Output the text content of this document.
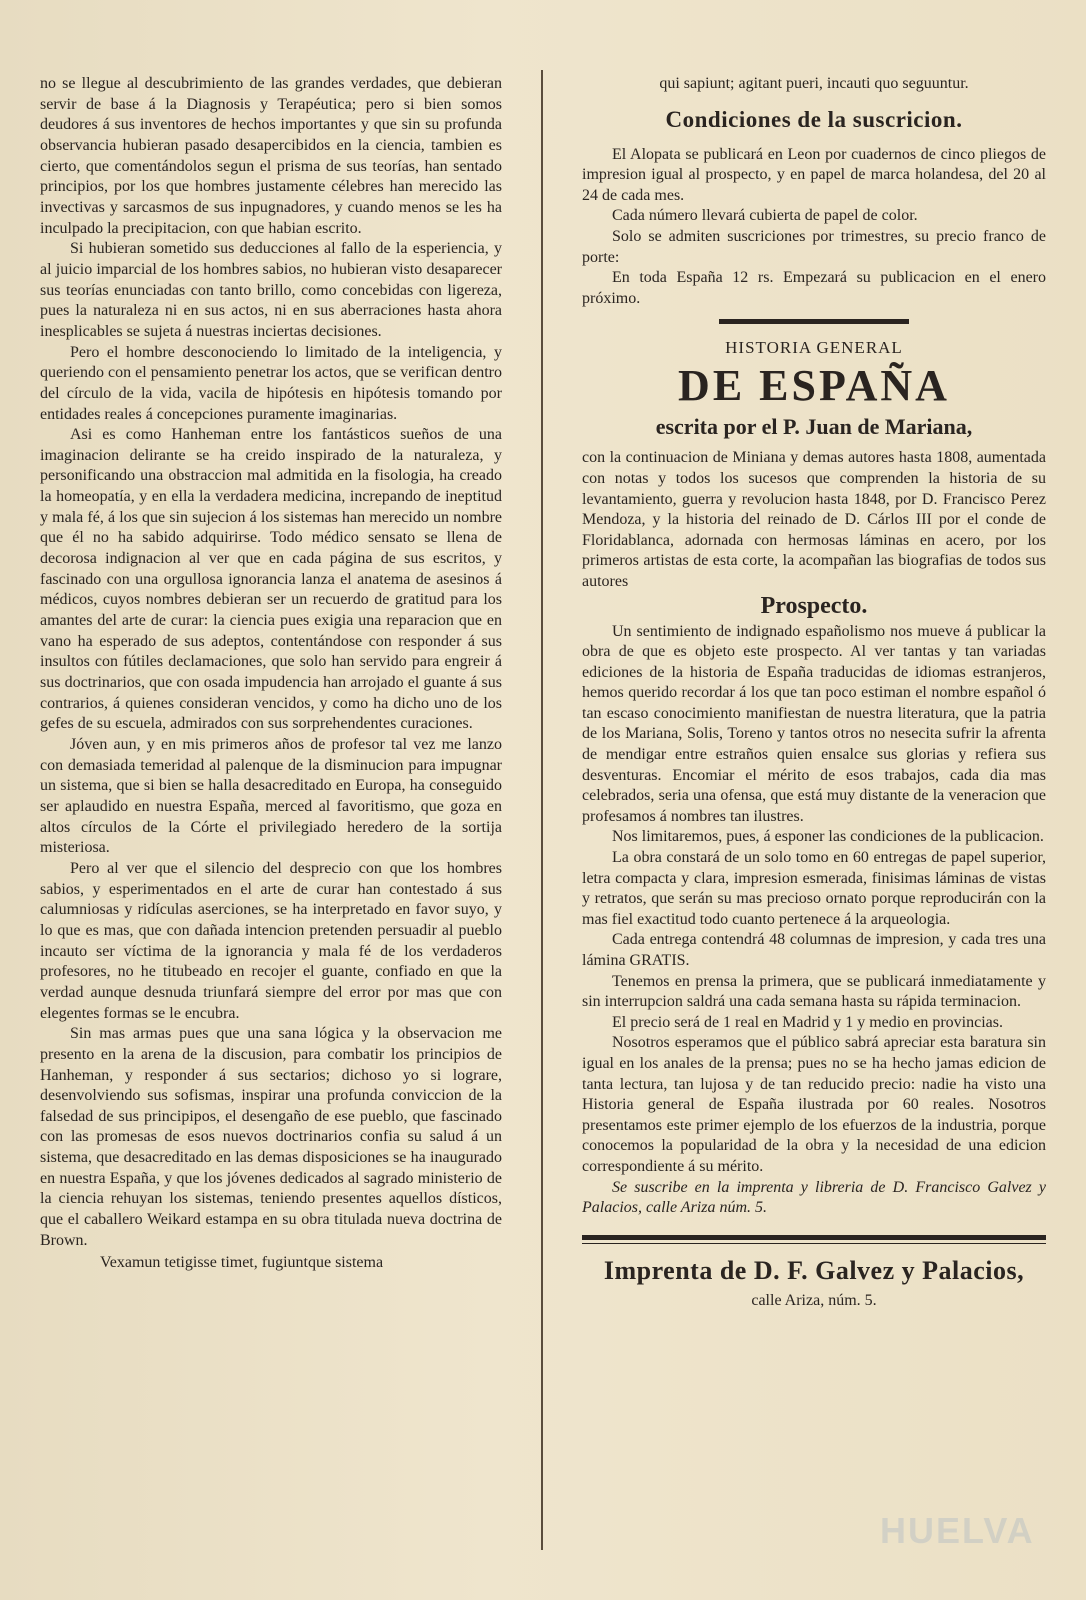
no se llegue al descubrimiento de las grandes verdades, que debieran servir de base á la Diagnosis y Terapéutica; pero si bien somos deudores á sus inventores de hechos importantes y que sin su profunda observancia hubieran pasado desapercibidos en la ciencia, tambien es cierto, que comentándolos segun el prisma de sus teorías, han sentado principios, por los que hombres justamente célebres han merecido las invectivas y sarcasmos de sus inpugnadores, y cuando menos se les ha inculpado la precipitacion, con que habian escrito.

Si hubieran sometido sus deducciones al fallo de la esperiencia, y al juicio imparcial de los hombres sabios, no hubieran visto desaparecer sus teorías enunciadas con tanto brillo, como concebidas con ligereza, pues la naturaleza ni en sus actos, ni en sus aberraciones hasta ahora inesplicables se sujeta á nuestras inciertas decisiones.

Pero el hombre desconociendo lo limitado de la inteligencia, y queriendo con el pensamiento penetrar los actos, que se verifican dentro del círculo de la vida, vacila de hipótesis en hipótesis tomando por entidades reales á concepciones puramente imaginarias.

Asi es como Hanheman entre los fantásticos sueños de una imaginacion delirante se ha creido inspirado de la naturaleza, y personificando una obstraccion mal admitida en la fisologia, ha creado la homeopatía, y en ella la verdadera medicina, increpando de ineptitud y mala fé, á los que sin sujecion á los sistemas han merecido un nombre que él no ha sabido adquirirse. Todo médico sensato se llena de decorosa indignacion al ver que en cada página de sus escritos, y fascinado con una orgullosa ignorancia lanza el anatema de asesinos á médicos, cuyos nombres debieran ser un recuerdo de gratitud para los amantes del arte de curar: la ciencia pues exigia una reparacion que en vano ha esperado de sus adeptos, contentándose con responder á sus insultos con fútiles declamaciones, que solo han servido para engreir á sus doctrinarios, que con osada impudencia han arrojado el guante á sus contrarios, á quienes consideran vencidos, y como ha dicho uno de los gefes de su escuela, admirados con sus sorprehendentes curaciones.

Jóven aun, y en mis primeros años de profesor tal vez me lanzo con demasiada temeridad al palenque de la disminucion para impugnar un sistema, que si bien se halla desacreditado en Europa, ha conseguido ser aplaudido en nuestra España, merced al favoritismo, que goza en altos círculos de la Córte el privilegiado heredero de la sortija misteriosa.

Pero al ver que el silencio del desprecio con que los hombres sabios, y esperimentados en el arte de curar han contestado á sus calumniosas y ridículas aserciones, se ha interpretado en favor suyo, y lo que es mas, que con dañada intencion pretenden persuadir al pueblo incauto ser víctima de la ignorancia y mala fé de los verdaderos profesores, no he titubeado en recojer el guante, confiado en que la verdad aunque desnuda triunfará siempre del error por mas que con elegentes formas se le encubra.

Sin mas armas pues que una sana lógica y la observacion me presento en la arena de la discusion, para combatir los principios de Hanheman, y responder á sus sectarios; dichoso yo si lograre, desenvolviendo sus sofismas, inspirar una profunda conviccion de la falsedad de sus principipos, el desengaño de ese pueblo, que fascinado con las promesas de esos nuevos doctrinarios confia su salud á un sistema, que desacreditado en las demas disposiciones se ha inaugurado en nuestra España, y que los jóvenes dedicados al sagrado ministerio de la ciencia rehuyan los sistemas, teniendo presentes aquellos dísticos, que el caballero Weikard estampa en su obra titulada nueva doctrina de Brown.

Vexamun tetigisse timet, fugiuntque sistema

qui sapiunt; agitant pueri, incauti quo seguuntur.

Condiciones de la suscricion.

El Alopata se publicará en Leon por cuadernos de cinco pliegos de impresion igual al prospecto, y en papel de marca holandesa, del 20 al 24 de cada mes.

Cada número llevará cubierta de papel de color.

Solo se admiten suscriciones por trimestres, su precio franco de porte:

En toda España 12 rs. Empezará su publicacion en el enero próximo.

HISTORIA GENERAL
DE ESPAÑA
escrita por el P. Juan de Mariana,

con la continuacion de Miniana y demas autores hasta 1808, aumentada con notas y todos los sucesos que comprenden la historia de su levantamiento, guerra y revolucion hasta 1848, por D. Francisco Perez Mendoza, y la historia del reinado de D. Cárlos III por el conde de Floridablanca, adornada con hermosas láminas en acero, por los primeros artistas de esta corte, la acompañan las biografias de todos sus autores

Prospecto.

Un sentimiento de indignado españolismo nos mueve á publicar la obra de que es objeto este prospecto. Al ver tantas y tan variadas ediciones de la historia de España traducidas de idiomas estranjeros, hemos querido recordar á los que tan poco estiman el nombre español ó tan escaso conocimiento manifiestan de nuestra literatura, que la patria de los Mariana, Solis, Toreno y tantos otros no nesecita sufrir la afrenta de mendigar entre estraños quien ensalce sus glorias y refiera sus desventuras. Encomiar el mérito de esos trabajos, cada dia mas celebrados, seria una ofensa, que está muy distante de la veneracion que profesamos á nombres tan ilustres.

Nos limitaremos, pues, á esponer las condiciones de la publicacion.

La obra constará de un solo tomo en 60 entregas de papel superior, letra compacta y clara, impresion esmerada, finisimas láminas de vistas y retratos, que serán su mas precioso ornato porque reproducirán con la mas fiel exactitud todo cuanto pertenece á la arqueologia.

Cada entrega contendrá 48 columnas de impresion, y cada tres una lámina GRATIS.

Tenemos en prensa la primera, que se publicará inmediatamente y sin interrupcion saldrá una cada semana hasta su rápida terminacion.

El precio será de 1 real en Madrid y 1 y medio en provincias.

Nosotros esperamos que el público sabrá apreciar esta baratura sin igual en los anales de la prensa; pues no se ha hecho jamas edicion de tanta lectura, tan lujosa y de tan reducido precio: nadie ha visto una Historia general de España ilustrada por 60 reales. Nosotros presentamos este primer ejemplo de los efuerzos de la industria, porque conocemos la popularidad de la obra y la necesidad de una edicion correspondiente á su mérito.

Se suscribe en la imprenta y libreria de D. Francisco Galvez y Palacios, calle Ariza núm. 5.

Imprenta de D. F. Galvez y Palacios,
calle Ariza, núm. 5.
HUELVA
